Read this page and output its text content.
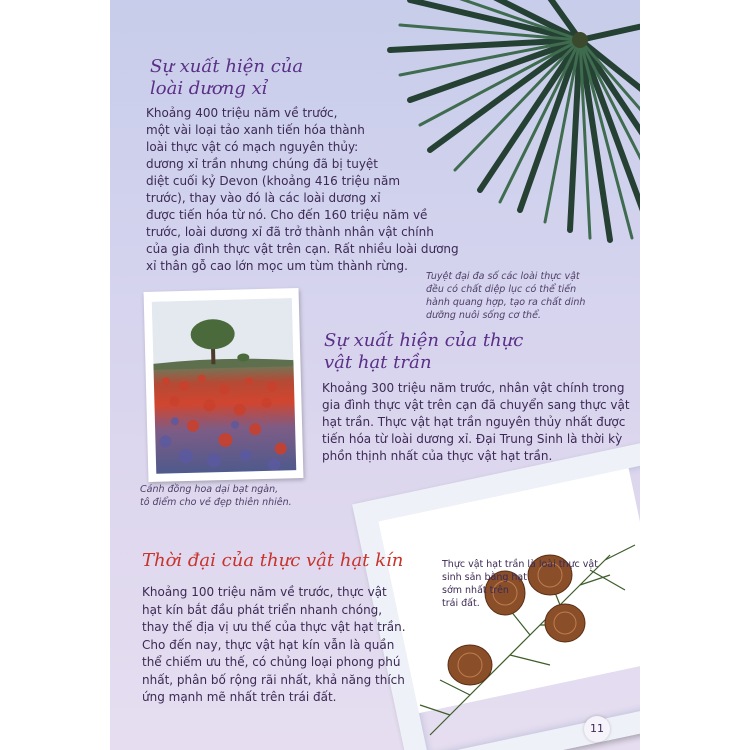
Sự xuất hiện của
loài dương xỉ
Khoảng 400 triệu năm về trước,
một vài loại tảo xanh tiến hóa thành
loài thực vật có mạch nguyên thủy:
dương xỉ trần nhưng chúng đã bị tuyệt
diệt cuối kỷ Devon (khoảng 416 triệu năm
trước), thay vào đó là các loài dương xỉ
được tiến hóa từ nó. Cho đến 160 triệu năm về
trước, loài dương xỉ đã trở thành nhân vật chính
của gia đình thực vật trên cạn. Rất nhiều loài dương
xỉ thân gỗ cao lớn mọc um tùm thành rừng.
Tuyệt đại đa số các loài thực vật
đều có chất diệp lục có thể tiến
hành quang hợp, tạo ra chất dinh
dưỡng nuôi sống cơ thể.
Cánh đồng hoa dại bạt ngàn,
tô điểm cho vẻ đẹp thiên nhiên.
Sự xuất hiện của thực
vật hạt trần
Khoảng 300 triệu năm trước, nhân vật chính trong
gia đình thực vật trên cạn đã chuyển sang thực vật
hạt trần. Thực vật hạt trần nguyên thủy nhất được
tiến hóa từ loài dương xỉ. Đại Trung Sinh là thời kỳ
phồn thịnh nhất của thực vật hạt trần.
Thực vật hạt trần là loài thực vật
sinh sản bằng hạt
sớm nhất trên
trái đất.
Thời đại của thực vật hạt kín
Khoảng 100 triệu năm về trước, thực vật
hạt kín bắt đầu phát triển nhanh chóng,
thay thế địa vị ưu thế của thực vật hạt trần.
Cho đến nay, thực vật hạt kín vẫn là quần
thể chiếm ưu thế, có chủng loại phong phú
nhất, phân bố rộng rãi nhất, khả năng thích
ứng mạnh mẽ nhất trên trái đất.
11
